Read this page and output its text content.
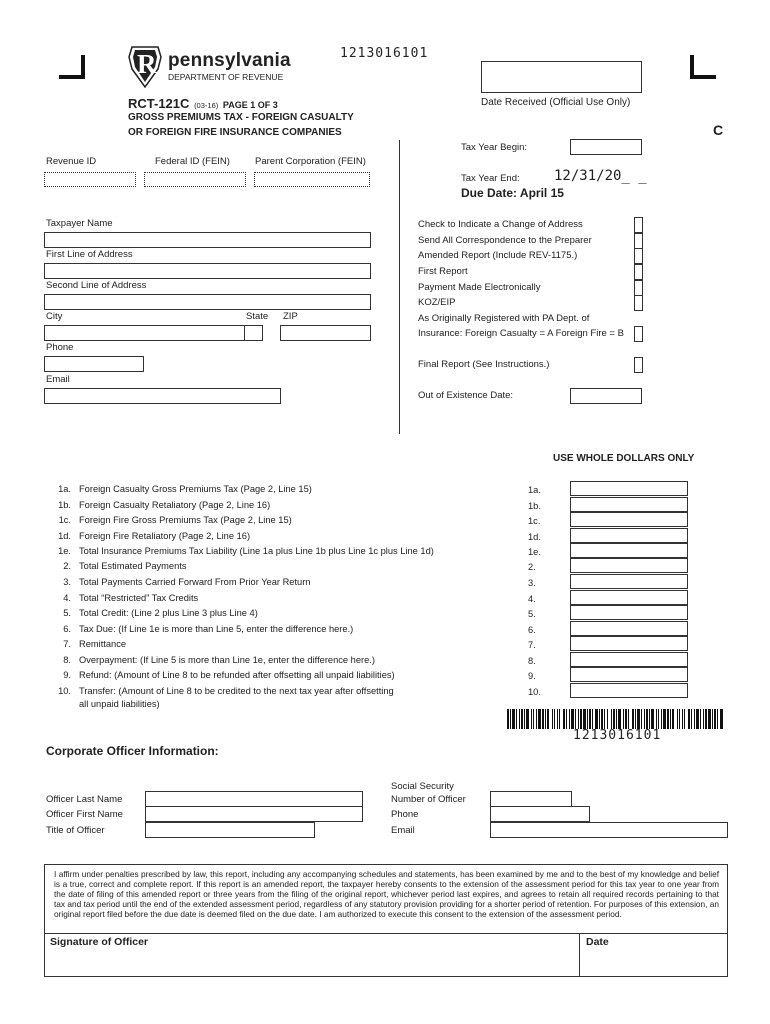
R pennsylvania
DEPARTMENT OF REVENUE
1213016101
Date Received (Official Use Only)
C
RCT-121C (03-16) PAGE 1 OF 3
GROSS PREMIUMS TAX - FOREIGN CASUALTY
OR FOREIGN FIRE INSURANCE COMPANIES
Revenue ID	Federal ID (FEIN)	Parent Corporation (FEIN)
Tax Year Begin:
Tax Year End: 12/31/20_ _
Due Date: April 15
Taxpayer Name
First Line of Address
Second Line of Address
City	State ZIP
Phone
Email
Check to Indicate a Change of Address
Send All Correspondence to the Preparer
Amended Report (Include REV-1175.)
First Report
Payment Made Electronically
KOZ/EIP
As Originally Registered with PA Dept. of
Insurance: Foreign Casualty = A Foreign Fire = B
Final Report (See Instructions.)
Out of Existence Date:
USE WHOLE DOLLARS ONLY
1a. Foreign Casualty Gross Premiums Tax (Page 2, Line 15)	1a.
1b. Foreign Casualty Retaliatory (Page 2, Line 16)	1b.
1c. Foreign Fire Gross Premiums Tax (Page 2, Line 15)	1c.
1d. Foreign Fire Retaliatory (Page 2, Line 16)	1d.
1e. Total Insurance Premiums Tax Liability (Line 1a plus Line 1b plus Line 1c plus Line 1d)	1e.
2. Total Estimated Payments	2.
3. Total Payments Carried Forward From Prior Year Return	3.
4. Total “Restricted” Tax Credits	4.
5. Total Credit: (Line 2 plus Line 3 plus Line 4)	5.
6. Tax Due: (If Line 1e is more than Line 5, enter the difference here.)	6.
7. Remittance	7.
8. Overpayment: (If Line 5 is more than Line 1e, enter the difference here.)	8.
9. Refund: (Amount of Line 8 to be refunded after offsetting all unpaid liabilities)	9.
10. Transfer: (Amount of Line 8 to be credited to the next tax year after offsetting
all unpaid liabilities)
10.
1213016101
Corporate Officer Information:
Officer Last Name
Officer First Name
Title of Officer
Social Security
Number of Officer
Phone
Email
I affirm under penalties prescribed by law, this report, including any accompanying schedules and statements, has been examined by me and to the best of my knowledge and belief is a true, correct and complete report. If this report is an amended report, the taxpayer hereby consents to the extension of the assessment period for this tax year to one year from the date of filing of this amended report or three years from the filing of the original report, whichever period last expires, and agrees to retain all required records pertaining to that tax and tax period until the end of the extended assessment period, regardless of any statutory provision providing for a shorter period of retention. For purposes of this extension, an original report filed before the due date is deemed filed on the due date. I am authorized to execute this consent to the extension of the assessment period.
Signature of Officer	Date
